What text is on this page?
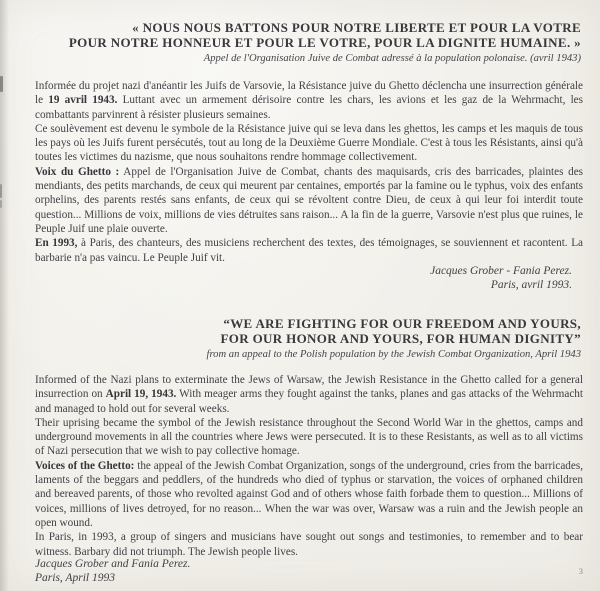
« NOUS NOUS BATTONS POUR NOTRE LIBERTE ET POUR LA VOTRE
POUR NOTRE HONNEUR ET POUR LE VOTRE, POUR LA DIGNITE HUMAINE. »
Appel de l'Organisation Juive de Combat adressé à la population polonaise. (avril 1943)

Informée du projet nazi d'anéantir les Juifs de Varsovie, la Résistance juive du Ghetto déclencha une insurrection générale le 19 avril 1943. Luttant avec un armement dérisoire contre les chars, les avions et les gaz de la Wehrmacht, les combattants parvinrent à résister plusieurs semaines.

Ce soulèvement est devenu le symbole de la Résistance juive qui se leva dans les ghettos, les camps et les maquis de tous les pays où les Juifs furent persécutés, tout au long de la Deuxième Guerre Mondiale. C'est à tous les Résistants, ainsi qu'à toutes les victimes du nazisme, que nous souhaitons rendre hommage collectivement.

Voix du Ghetto : Appel de l'Organisation Juive de Combat, chants des maquisards, cris des barricades, plaintes des mendiants, des petits marchands, de ceux qui meurent par centaines, emportés par la famine ou le typhus, voix des enfants orphelins, des parents restés sans enfants, de ceux qui se révoltent contre Dieu, de ceux à qui leur foi interdit toute question... Millions de voix, millions de vies détruites sans raison... A la fin de la guerre, Varsovie n'est plus que ruines, le Peuple Juif une plaie ouverte.

En 1993, à Paris, des chanteurs, des musiciens recherchent des textes, des témoignages, se souviennent et racontent. La barbarie n'a pas vaincu. Le Peuple Juif vit.

Jacques Grober - Fania Perez.
Paris, avril 1993.
“WE ARE FIGHTING FOR OUR FREEDOM AND YOURS,
FOR OUR HONOR AND YOURS, FOR HUMAN DIGNITY”
from an appeal to the Polish population by the Jewish Combat Organization, April 1943

Informed of the Nazi plans to exterminate the Jews of Warsaw, the Jewish Resistance in the Ghetto called for a general insurrection on April 19, 1943. With meager arms they fought against the tanks, planes and gas attacks of the Wehrmacht and managed to hold out for several weeks.

Their uprising became the symbol of the Jewish resistance throughout the Second World War in the ghettos, camps and underground movements in all the countries where Jews were persecuted. It is to these Resistants, as well as to all victims of Nazi persecution that we wish to pay collective homage.

Voices of the Ghetto: the appeal of the Jewish Combat Organization, songs of the underground, cries from the barricades, laments of the beggars and peddlers, of the hundreds who died of typhus or starvation, the voices of orphaned children and bereaved parents, of those who revolted against God and of others whose faith forbade them to question... Millions of voices, millions of lives detroyed, for no reason... When the war was over, Warsaw was a ruin and the Jewish people an open wound.

In Paris, in 1993, a group of singers and musicians have sought out songs and testimonies, to remember and to bear witness. Barbary did not triumph. The Jewish people lives.

Jacques Grober and Fania Perez.
Paris, April 1993
3
